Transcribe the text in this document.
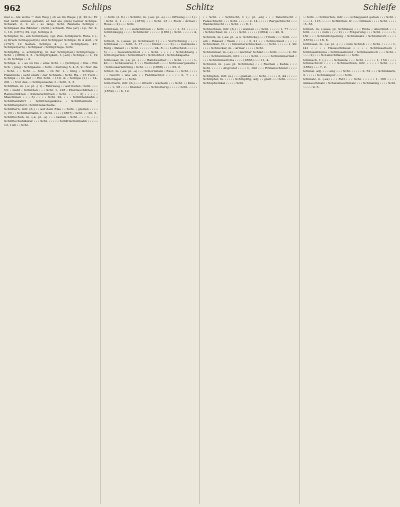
962	Schlips	Schlitz	Schleife

mel s., Als wolle → den Weg | ob es im Wege | (I, 20 n.; Er hat nicht einmal gehabt, er hat sie (den) beiner Schlips. Schwaß. 2, 1; so ⸗ so lang. Schl. Bestelle Schlips ⸗ Schlipsen die Bänder ⸗ (Schl.) schleiß. Wie (er) ⸗ Lp. Nr. 2, 1, 10, (1871) 39, vgl. Schlips 2.

Schlipfer, m., ein Schlitt(en), vgl. Zus. Schlipfern. Rute, f. (-s) Dreck Schlepper(in) und Schlipper Schlips; In 4 Aufl. ⸗ 9 (1797) 12 Seiten, Schlips 4, ⸗ s. Schlipf(en), 47; Schliper(ern) ⸗ Schlipser ⸗ Schliptrage. Schl.

Schlipfrig, s. schlüpfrig, in der Schlipf(en) Schliptrage ⸗ Schl. ⸗ (1869) 2, 3. ⸗ Schlipfrigkeit, f. (-en) ⸗ Schlips ⸗ ⸗ 1, 19 s. In Schlips ⸗ ⸗ 2.

Schlips, s. ⸗ es zu bis ⸗ eine Schl. ⸗ ⸗ (Schlips) ⸗ Die ⸗ Ein Sch. ⸗ jung ⸗ Schlipsens. ⸗ Schl. ⸗ Zeitung 3, 4, 6, 9 ⸗ Nur die ⸗ Schl. ⸗ ⸗ Schl. — Schl. ⸗ In Nr. 1. ⸗ hing ⸗ Schlips. ⸗ Halsbinde ⸗ sehr stark ⸗ der Schleife ⸗ Schl. Ha. ⸗ 15 Tuch ⸗ Schlips ⸗ ⸗ In der ⸗ ⸗ Ein Schl. ⸗ 110, 4; ⸗ Schlips (1) ⸗ ⸗ 14, 201 ⸗ ⸗ Nur das ⸗ ⸗ Schlipsnadel, f. ⸗ Schl. 2, 3.

Schlitten, m. (-s; pl. -) 1) ⸗ Fahrzeug ⸗ ⸗ auf Kufen ⸗ Schl. ⸗ ⸗ ⸗ Nr. ⸗ zieht ⸗ Schlitten ⸗ ⸗ ⸗ Schl. 1, 128 ⸗ Pferdeschlitten ⸗ ⸗ Rennschlitten ⸗ Kinderschlitten ⸗ Schl. ⸗ ⸗ ⸗ ⸗ 2) ⸗ ⸗ ⸗ ⸗ ⸗ Maschinen ⸗ ⸗ ⸗ 3) ⸗ ⸗ ⸗ ⸗ Schl. 22, ⸗ ⸗ ⸗ Schlittenbahn ⸗ Schlittenfahrt ⸗ Schlittengeläute ⸗ Schlittenkufe ⸗ Schlittenpferd ⸗ Schlittenschelle.

Schlittern, intr. (h.) ⸗ ⸗ auf dem Eise ⸗ ⸗ Schl. ⸗ gleiten ⸗ ⸗ ⸗ ⸗ 1, 23 ⸗ ⸗ Schlitterbahn, f. ⸗ Schl. ⸗ ⸗ ⸗ ⸗ (1867) ⸗ Schl. ⸗ ⸗ 30, 3.

Schlittschuh, m. (-s; pl. -e) ⸗ ⸗ ⸗ laufen ⸗ Schl. ⸗ ⸗ ⸗ 1, ⸗ ⸗ ⸗ Schlittschuhläufer ⸗ ⸗ ⸗ Schl. ⸗ ⸗ ⸗ ⸗ ⸗ Schlittschuhbahn ⸗ ⸗ ⸗ ⸗ ⸗ 12, 140 ⸗ ⸗ Schl.

⸗ ⸗ Schl. (I. 8.) ⸗ ⸗ Schlitz, m. (-es; pl. -e) ⸗ ⸗ ⸗ Öffnung ⸗ ⸗ ⸗ 1) ⸗ ⸗ Schl. 2, 1 ⸗ ⸗ ⸗ ⸗ ⸗ (1870) ⸗ ⸗ ⸗ Schl. 13 ⸗ ⸗ Rock ⸗ Ärmel ⸗ Hose ⸗ ⸗ 2) ⸗ ⸗ ⸗ Schl.

Schlitzen, tr. ⸗ ⸗ ⸗ aufschlitzen ⸗ ⸗ Schl. ⸗ ⸗ ⸗ ⸗ ⸗ 1, 31 ⸗ ⸗ ⸗ ⸗ ⸗ Schlitzäugig ⸗ ⸗ ⸗ ⸗ Schlitzohr ⸗ ⸗ ⸗ ⸗ ⸗ (1861) ⸗ Schl. ⸗ ⸗ ⸗ ⸗ ⸗ 4, 5.

Schloß, n. (-sses; pl. Schlösser) 1) ⸗ ⸗ ⸗ Vorrichtung ⸗ ⸗ ⸗ ⸗ Schlüssel ⸗ ⸗ ⸗ Schl. 3, 17 ⸗ ⸗ ⸗ ⸗ hinter ⸗ ⸗ ⸗ ⸗ 2) ⸗ ⸗ ⸗ Gebäude ⸗ Burg ⸗ Palast ⸗ ⸗ ⸗ Schl. ⸗ ⸗ ⸗ ⸗ ⸗ ⸗ ⸗ 24, 8 ⸗ ⸗ ⸗ Luftschloß ⸗ ⸗ ⸗ ⸗ ⸗ 3) ⸗ ⸗ ⸗ Gewehrschloß ⸗ ⸗ ⸗ Schl. ⸗ ⸗ ⸗ ⸗ ⸗ Schloßberg ⸗ Schloßgarten ⸗ Schloßherr ⸗ Schloßhof ⸗ Schloßkapelle.

Schlosser, m. (-s; pl. -) ⸗ ⸗ ⸗ Handwerker ⸗ ⸗ ⸗ Schl. ⸗ ⸗ ⸗ ⸗ ⸗ 1, 40 ⸗ ⸗ ⸗ Schlosserei, f. ⸗ ⸗ ⸗ Werkstatt ⸗ ⸗ ⸗ ⸗ Schlossergeselle ⸗ ⸗ Schlosserlehrling ⸗ Schl. ⸗ ⸗ ⸗ ⸗ (1868) ⸗ ⸗ ⸗ ⸗ 33, 2.

Schlot, m. (-es; pl. -e) ⸗ ⸗ ⸗ Schornstein ⸗ Esse ⸗ ⸗ ⸗ Schl. ⸗ ⸗ ⸗ ⸗ ⸗ ⸗ raucht ⸗ wie ein ⸗ ⸗ Fabrikschlot ⸗ ⸗ ⸗ ⸗ ⸗ 2, 7 ⸗ ⸗ ⸗ Schlotfeger ⸗ ⸗ ⸗ Schl.

Schlottern, intr. (h.) ⸗ ⸗ ⸗ zittern ⸗ wackeln ⸗ ⸗ ⸗ Schl. ⸗ ⸗ Knie ⸗ ⸗ ⸗ ⸗ ⸗ 1, 58 ⸗ ⸗ ⸗ ⸗ Kleider ⸗ ⸗ ⸗ ⸗ Schlotterig ⸗ ⸗ ⸗ ⸗ ⸗ Schl. ⸗ ⸗ ⸗ ⸗ (1859) ⸗ ⸗ ⸗ 6, 12.

⸗ ⸗ Schl. ⸗ ⸗ Schlucht, f. (-; pl. -en) ⸗ ⸗ ⸗ Talschlucht ⸗ Felsschlucht ⸗ ⸗ ⸗ Schl. ⸗ ⸗ ⸗ ⸗ ⸗ 2, 14 ⸗ ⸗ ⸗ ⸗ ⸗ Bergschlucht ⸗ ⸗ ⸗ Waldschlucht ⸗ ⸗ ⸗ Schl. ⸗ ⸗ ⸗ 8, 1.

Schluchzen, intr. (h.) ⸗ ⸗ ⸗ weinen ⸗ ⸗ ⸗ Schl. ⸗ ⸗ ⸗ ⸗ ⸗ 1, 77 ⸗ ⸗ ⸗ ⸗ ⸗ Schluchzer, m. ⸗ ⸗ ⸗ ⸗ ⸗ Schl. ⸗ ⸗ ⸗ ⸗ ⸗ (1864) ⸗ ⸗ ⸗ 40, 9.

Schluck, m. (-es; pl. -e u. Schlücke) ⸗ ⸗ ⸗ Trunk ⸗ ⸗ ⸗ Schl. ⸗ ⸗ ⸗ ein ⸗ Wasser ⸗ Wein ⸗ ⸗ ⸗ ⸗ ⸗ 3, 21 ⸗ ⸗ ⸗ Schluckauf ⸗ ⸗ ⸗ ⸗ ⸗ Schlucken, tr. ⸗ ⸗ ⸗ hinunterschlucken ⸗ ⸗ ⸗ Schl. ⸗ ⸗ ⸗ ⸗ ⸗ 1, 90 ⸗ ⸗ ⸗ ⸗ Schlucker, m. ⸗ armer ⸗ ⸗ ⸗ ⸗ ⸗ Schl.

Schlummer, m. (-s) ⸗ ⸗ ⸗ leichter Schlaf ⸗ ⸗ ⸗ Schl. ⸗ ⸗ ⸗ ⸗ ⸗ 2, 30 ⸗ ⸗ ⸗ ⸗ Schlummern, intr. ⸗ ⸗ ⸗ ⸗ ⸗ Schl. ⸗ ⸗ ⸗ ⸗ ⸗ Schlummerlied ⸗ ⸗ ⸗ ⸗ Schlummerrolle ⸗ ⸗ ⸗ ⸗ (1866) ⸗ ⸗ ⸗ 11, 4.

Schlund, m. (-es; pl. Schlünde) ⸗ ⸗ ⸗ Rachen ⸗ Kehle ⸗ ⸗ ⸗ Schl. ⸗ ⸗ ⸗ ⸗ ⸗ Abgrund ⸗ ⸗ ⸗ ⸗ 1, 102 ⸗ ⸗ ⸗ Höllenschlund ⸗ ⸗ ⸗ ⸗ Schl.

Schlüpfen, intr. (s.) ⸗ ⸗ ⸗ gleiten ⸗ ⸗ ⸗ Schl. ⸗ ⸗ ⸗ ⸗ ⸗ 2, 44 ⸗ ⸗ ⸗ ⸗ ⸗ Schlüpfer, m. ⸗ ⸗ ⸗ ⸗ ⸗ Schlüpfrig, adj. ⸗ ⸗ glatt ⸗ ⸗ ⸗ Schl. ⸗ ⸗ ⸗ ⸗ ⸗ Schlupfwinkel ⸗ ⸗ ⸗ ⸗ ⸗ Schl.

⸗ ⸗ Schl. ⸗ ⸗ Schlurfen, intr. ⸗ ⸗ ⸗ schleppend gehen ⸗ ⸗ ⸗ Schl. ⸗ ⸗ ⸗ ⸗ ⸗ 1, 115 ⸗ ⸗ ⸗ ⸗ ⸗ Schlürfen, tr. ⸗ ⸗ ⸗ trinken ⸗ ⸗ ⸗ ⸗ Schl. ⸗ ⸗ ⸗ ⸗ ⸗ 3, 33.

Schluß, m. (-sses; pl. Schlüsse) ⸗ ⸗ ⸗ Ende ⸗ Abschluß ⸗ ⸗ ⸗ Schl. ⸗ ⸗ ⸗ ⸗ ⸗ zum ⸗ ⸗ ⸗ ⸗ 2) ⸗ ⸗ ⸗ Folgerung ⸗ ⸗ ⸗ Schl. ⸗ ⸗ ⸗ ⸗ ⸗ 1, 130 ⸗ ⸗ ⸗ Schlußfolgerung ⸗ Schlußsatz ⸗ Schlußwort ⸗ ⸗ ⸗ ⸗ (1870) ⸗ ⸗ ⸗ 18, 6.

Schlüssel, m. (-s; pl. -) ⸗ ⸗ ⸗ zum Schloß ⸗ ⸗ ⸗ Schl. ⸗ ⸗ ⸗ ⸗ ⸗ 1, 141 ⸗ ⸗ ⸗ ⸗ Hausschlüssel ⸗ ⸗ ⸗ ⸗ Schlüsselbein ⸗ Schlüsselblume ⸗ Schlüsselbund ⸗ Schlüsselloch ⸗ ⸗ ⸗ Schl. ⸗ ⸗ ⸗ ⸗ ⸗ 2) ⸗ ⸗ ⸗ Notenschlüssel ⸗ ⸗ ⸗ Schl.

Schmach, f. (-) ⸗ ⸗ ⸗ Schande ⸗ ⸗ ⸗ Schl. ⸗ ⸗ ⸗ ⸗ ⸗ 1, 150 ⸗ ⸗ ⸗ ⸗ Schmachvoll ⸗ ⸗ ⸗ ⸗ ⸗ Schmachten, intr. ⸗ ⸗ ⸗ ⸗ ⸗ Schl. ⸗ ⸗ ⸗ (1862) ⸗ ⸗ ⸗ 7, 2.

Schmal, adj. ⸗ ⸗ ⸗ eng ⸗ ⸗ ⸗ Schl. ⸗ ⸗ ⸗ ⸗ ⸗ 2, 61 ⸗ ⸗ ⸗ Schmälern, tr. ⸗ ⸗ ⸗ ⸗ ⸗ Schmalspur ⸗ ⸗ ⸗ ⸗ Schl.

Schmalz, n. (-es) ⸗ ⸗ ⸗ Fett ⸗ ⸗ ⸗ Schl. ⸗ ⸗ ⸗ ⸗ ⸗ 1, 166 ⸗ ⸗ ⸗ ⸗ Gänseschmalz ⸗ Schweineschmalz ⸗ ⸗ ⸗ Schmalzig ⸗ ⸗ ⸗ ⸗ Schl. ⸗ ⸗ ⸗ ⸗ ⸗ 9, 3.
